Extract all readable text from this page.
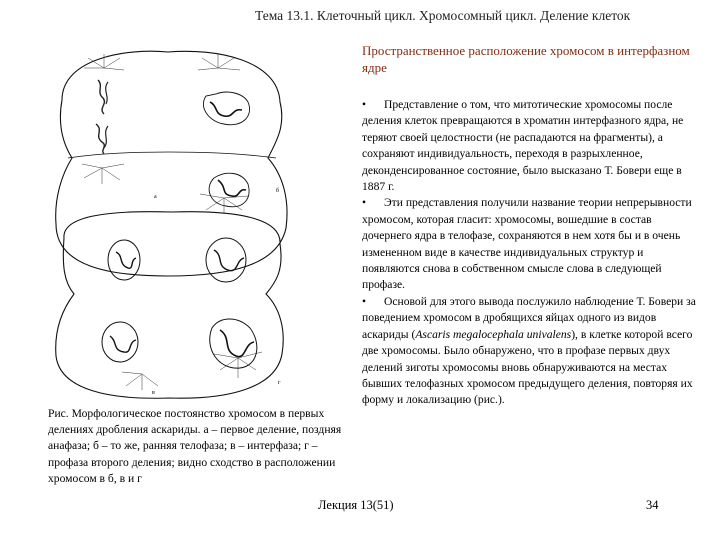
Тема 13.1. Клеточный цикл. Хромосомный цикл. Деление клеток
Пространственное расположение хромосом в интерфазном ядре
а
б
в
г

• Представление о том, что митотические хромосомы после деления клеток превращаются в хроматин интерфазного ядра, не теряют своей целостности (не распадаются на фрагменты), а сохраняют индивидуальность, переходя в разрыхленное, деконденсированное состояние, было высказано Т. Бовери еще в 1887 г.

• Эти представления получили название теории непрерывности хромосом, которая гласит: хромосомы, вошедшие в состав дочернего ядра в телофазе, сохраняются в нем хотя бы и в очень измененном виде в качестве индивидуальных структур и появляются снова в собственном смысле слова в следующей профазе.

• Основой для этого вывода послужило наблюдение Т. Бовери за поведением хромосом в дробящихся яйцах одного из видов аскариды (Ascaris megalocephala univalens), в клетке которой всего две хромосомы. Было обнаружено, что в профазе первых двух делений зиготы хромосомы вновь обнаруживаются на местах бывших телофазных хромосом предыдущего деления, повторяя их форму и локализацию (рис.).

Рис. Морфологическое постоянство хромосом в первых делениях дробления аскариды. а – первое деление, поздняя анафаза; б – то же, ранняя телофаза; в – интерфаза; г – профаза второго деления; видно сходство в расположении хромосом в б, в и г
Лекция 13(51)	34
